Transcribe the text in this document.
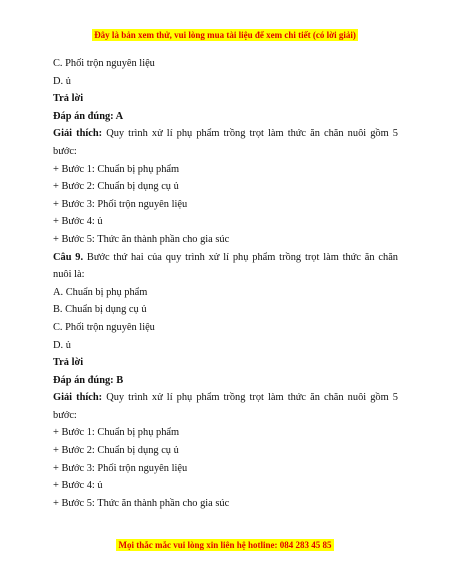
Đây là bản xem thử, vui lòng mua tài liệu để xem chi tiết (có lời giải)
C. Phối trộn nguyên liệu
D. ủ
Trả lời
Đáp án đúng: A
Giải thích: Quy trình xử lí phụ phẩm trồng trọt làm thức ăn chăn nuôi gồm 5 bước:
+ Bước 1: Chuẩn bị phụ phẩm
+ Bước 2: Chuẩn bị dụng cụ ủ
+ Bước 3: Phối trộn nguyên liệu
+ Bước 4: ủ
+ Bước 5: Thức ăn thành phần cho gia súc
Câu 9. Bước thứ hai của quy trình xử lí phụ phẩm trồng trọt làm thức ăn chăn nuôi là:
A. Chuẩn bị phụ phẩm
B. Chuẩn bị dụng cụ ủ
C. Phối trộn nguyên liệu
D. ủ
Trả lời
Đáp án đúng: B
Giải thích: Quy trình xử lí phụ phẩm trồng trọt làm thức ăn chăn nuôi gồm 5 bước:
+ Bước 1: Chuẩn bị phụ phẩm
+ Bước 2: Chuẩn bị dụng cụ ủ
+ Bước 3: Phối trộn nguyên liệu
+ Bước 4: ủ
+ Bước 5: Thức ăn thành phần cho gia súc
Mọi thắc mắc vui lòng xin liên hệ hotline: 084 283 45 85
